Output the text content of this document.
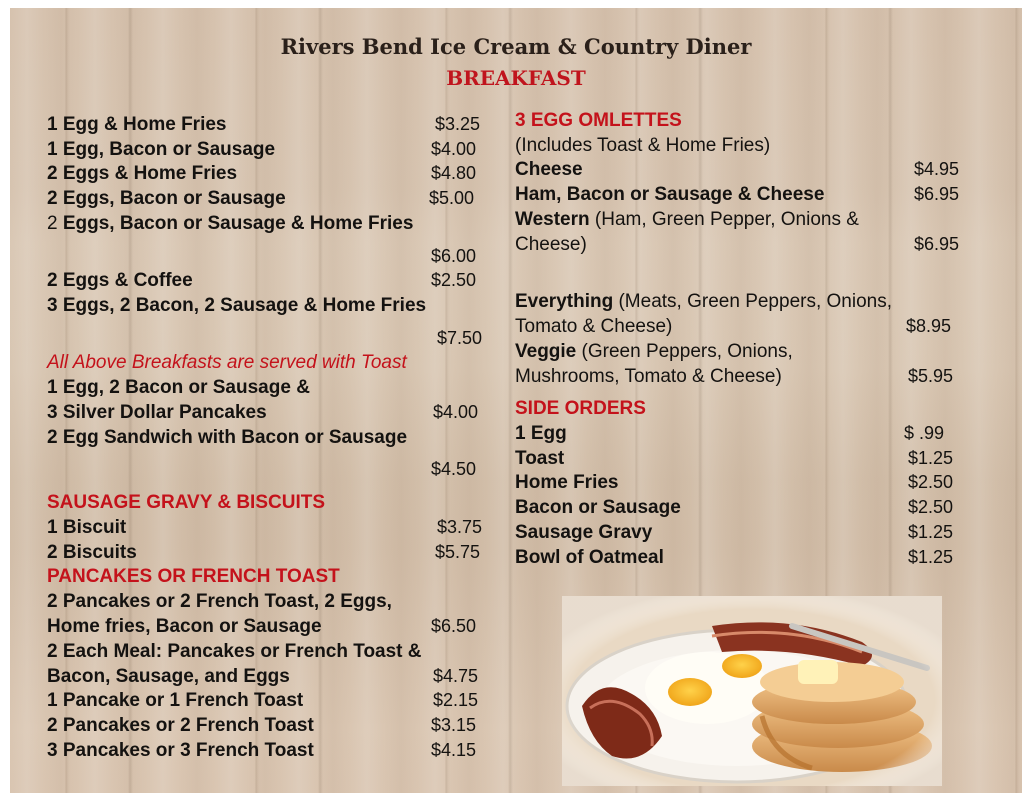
Rivers Bend Ice Cream & Country Diner
BREAKFAST
1 Egg & Home Fries	$3.25
1 Egg, Bacon or Sausage	$4.00
2 Eggs & Home Fries	$4.80
2 Eggs, Bacon or Sausage	$5.00
2 Eggs, Bacon or Sausage & Home Fries
$6.00
2 Eggs & Coffee	$2.50
3 Eggs, 2 Bacon, 2 Sausage & Home Fries
$7.50
All Above Breakfasts are served with Toast
1 Egg, 2 Bacon or Sausage &
3 Silver Dollar Pancakes	$4.00
2 Egg Sandwich with Bacon or Sausage
$4.50
SAUSAGE GRAVY & BISCUITS
1 Biscuit	$3.75
2 Biscuits	$5.75
PANCAKES OR FRENCH TOAST
2 Pancakes or 2 French Toast, 2 Eggs,
Home fries, Bacon or Sausage	$6.50
2 Each Meal: Pancakes or French Toast &
Bacon, Sausage, and Eggs	$4.75
1 Pancake or 1 French Toast	$2.15
2 Pancakes or 2 French Toast	$3.15
3 Pancakes or 3 French Toast	$4.15
3 EGG OMLETTES
(Includes Toast & Home Fries)
Cheese	$4.95
Ham, Bacon or Sausage & Cheese	$6.95
Western (Ham, Green Pepper, Onions &
Cheese)	$6.95
Everything (Meats, Green Peppers, Onions,
Tomato & Cheese)	$8.95
Veggie (Green Peppers, Onions,
Mushrooms, Tomato & Cheese)	$5.95
SIDE ORDERS
1 Egg	$ .99
Toast	$1.25
Home Fries	$2.50
Bacon or Sausage	$2.50
Sausage Gravy	$1.25
Bowl of Oatmeal	$1.25
